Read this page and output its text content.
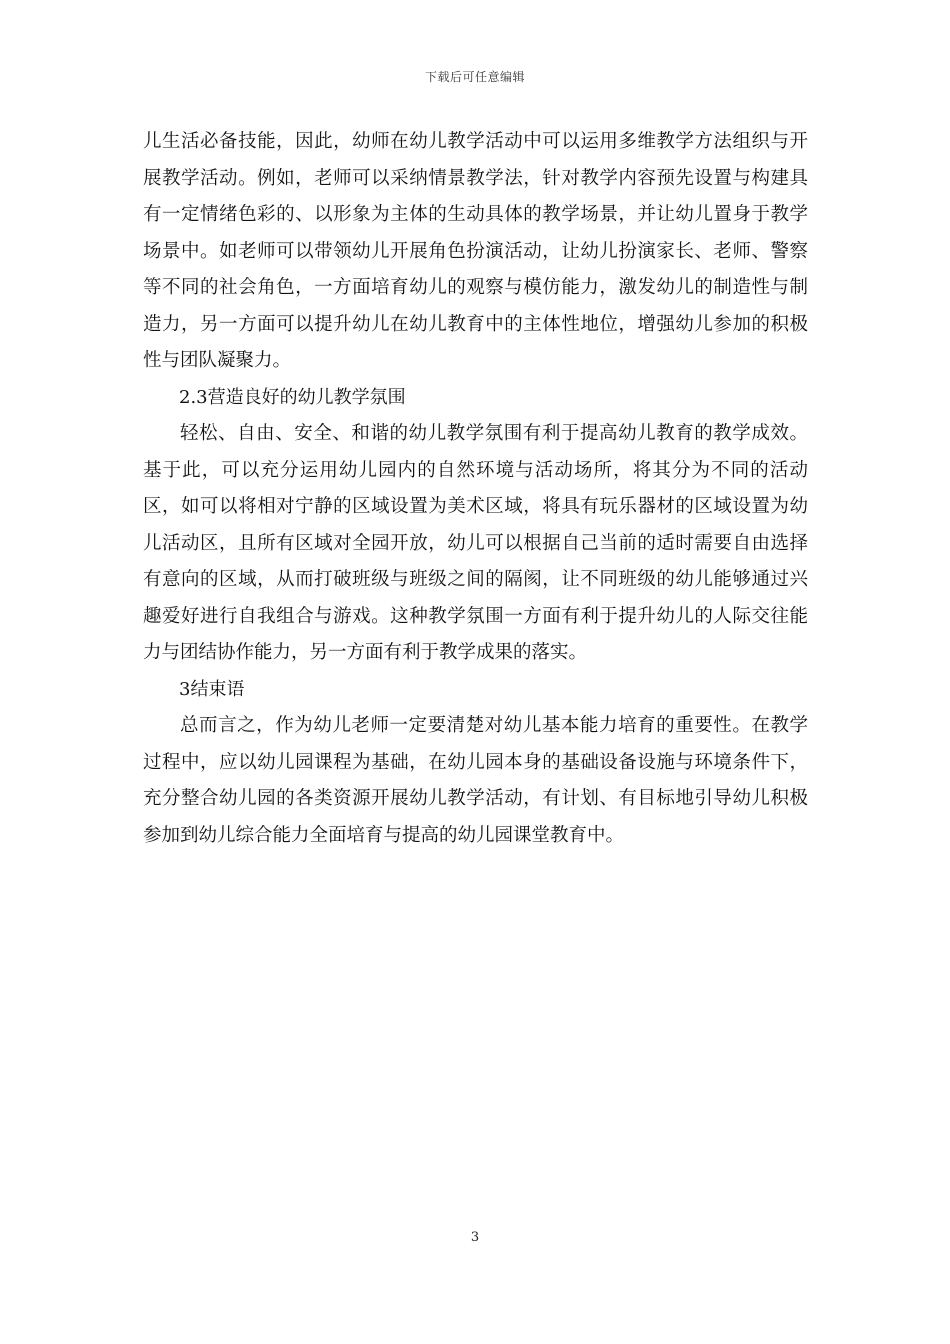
下载后可任意编辑

儿生活必备技能，因此，幼师在幼儿教学活动中可以运用多维教学方法组织与开展教学活动。例如，老师可以采纳情景教学法，针对教学内容预先设置与构建具有一定情绪色彩的、以形象为主体的生动具体的教学场景，并让幼儿置身于教学场景中。如老师可以带领幼儿开展角色扮演活动，让幼儿扮演家长、老师、警察等不同的社会角色，一方面培育幼儿的观察与模仿能力，激发幼儿的制造性与制造力，另一方面可以提升幼儿在幼儿教育中的主体性地位，增强幼儿参加的积极性与团队凝聚力。

2.3营造良好的幼儿教学氛围

轻松、自由、安全、和谐的幼儿教学氛围有利于提高幼儿教育的教学成效。基于此，可以充分运用幼儿园内的自然环境与活动场所，将其分为不同的活动区，如可以将相对宁静的区域设置为美术区域，将具有玩乐器材的区域设置为幼儿活动区，且所有区域对全园开放，幼儿可以根据自己当前的适时需要自由选择有意向的区域，从而打破班级与班级之间的隔阂，让不同班级的幼儿能够通过兴趣爱好进行自我组合与游戏。这种教学氛围一方面有利于提升幼儿的人际交往能力与团结协作能力，另一方面有利于教学成果的落实。

3结束语

总而言之，作为幼儿老师一定要清楚对幼儿基本能力培育的重要性。在教学过程中，应以幼儿园课程为基础，在幼儿园本身的基础设备设施与环境条件下，充分整合幼儿园的各类资源开展幼儿教学活动，有计划、有目标地引导幼儿积极参加到幼儿综合能力全面培育与提高的幼儿园课堂教育中。

3
